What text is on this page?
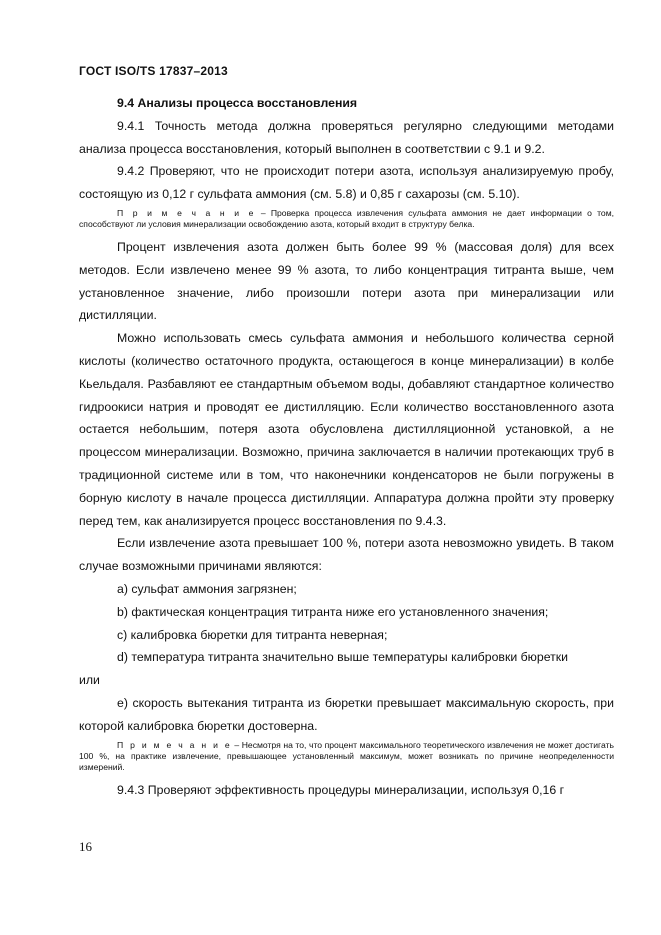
ГОСТ ISO/TS 17837–2013

9.4 Анализы процесса восстановления

9.4.1 Точность метода должна проверяться регулярно следующими методами анализа процесса восстановления, который выполнен в соответствии с 9.1 и 9.2.

9.4.2 Проверяют, что не происходит потери азота, используя анализируемую пробу, состоящую из 0,12 г сульфата аммония (см. 5.8) и 0,85 г сахарозы (см. 5.10).

П р и м е ч а н и е – Проверка процесса извлечения сульфата аммония не дает информации о том, способствуют ли условия минерализации освобождению азота, который входит в структуру белка.

Процент извлечения азота должен быть более 99 % (массовая доля) для всех методов. Если извлечено менее 99 % азота, то либо концентрация титранта выше, чем установленное значение, либо произошли потери азота при минерализации или дистилляции.

Можно использовать смесь сульфата аммония и небольшого количества серной кислоты (количество остаточного продукта, остающегося в конце минерализации) в колбе Кьельдаля. Разбавляют ее стандартным объемом воды, добавляют стандартное количество гидроокиси натрия и проводят ее дистилляцию. Если количество восстановленного азота остается небольшим, потеря азота обусловлена дистилляционной установкой, а не процессом минерализации. Возможно, причина заключается в наличии протекающих труб в традиционной системе или в том, что наконечники конденсаторов не были погружены в борную кислоту в начале процесса дистилляции. Аппаратура должна пройти эту проверку перед тем, как анализируется процесс восстановления по 9.4.3.

Если извлечение азота превышает 100 %, потери азота невозможно увидеть. В таком случае возможными причинами являются:

a) сульфат аммония загрязнен;

b) фактическая концентрация титранта ниже его установленного значения;

c) калибровка бюретки для титранта неверная;

d) температура титранта значительно выше температуры калибровки бюретки

или

e) скорость вытекания титранта из бюретки превышает максимальную скорость, при которой калибровка бюретки достоверна.

П р и м е ч а н и е – Несмотря на то, что процент максимального теоретического извлечения не может достигать 100 %, на практике извлечение, превышающее установленный максимум, может возникать по причине неопределенности измерений.

9.4.3 Проверяют эффективность процедуры минерализации, используя 0,16 г

16
